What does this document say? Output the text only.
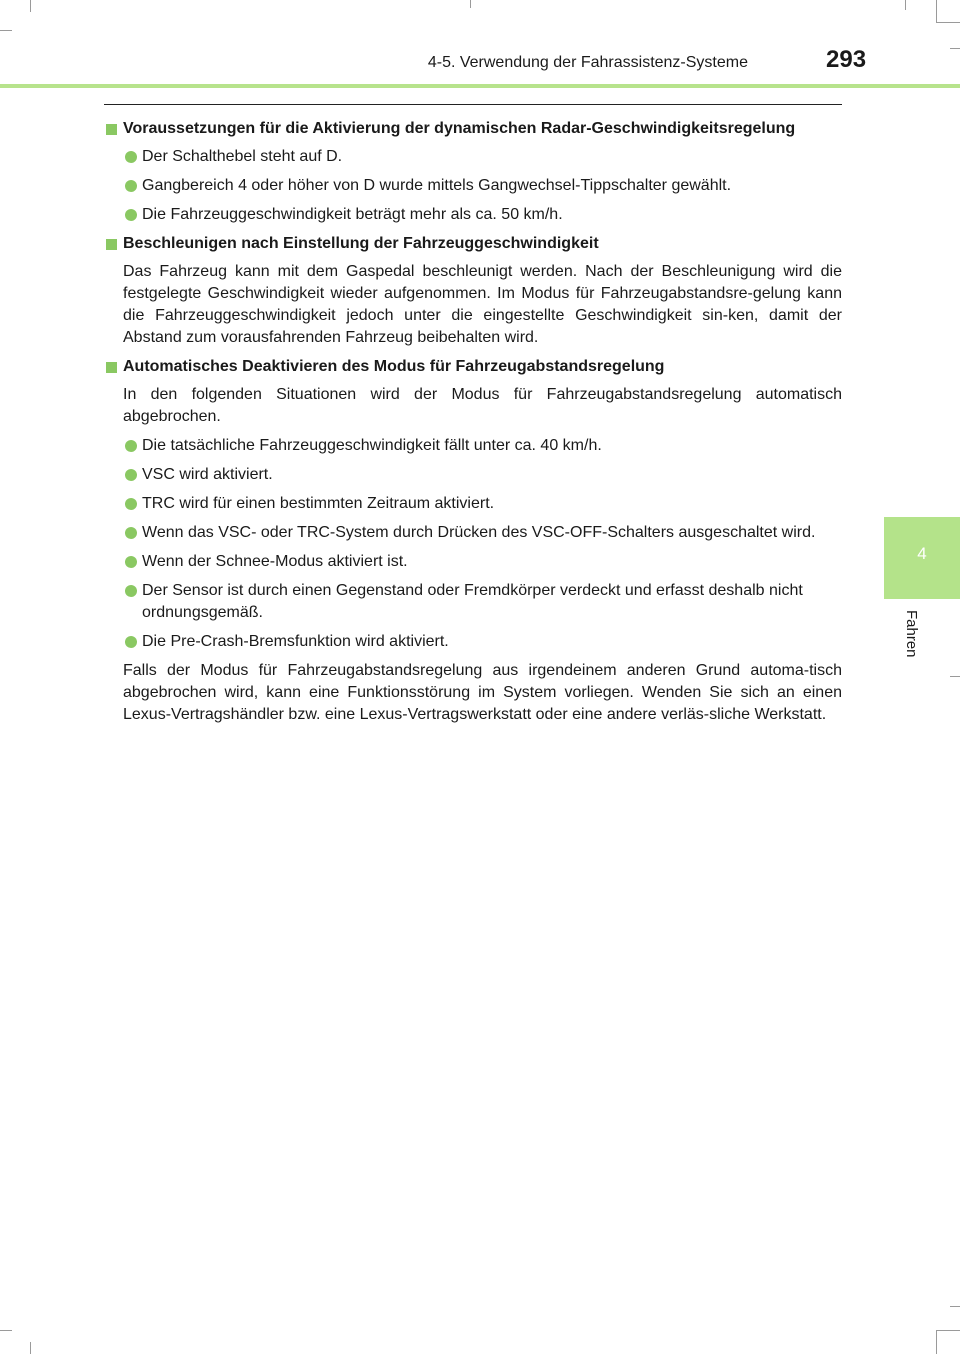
4-5. Verwendung der Fahrassistenz-Systeme	293
4
Fahren
Voraussetzungen für die Aktivierung der dynamischen Radar-Geschwindigkeitsregelung
Der Schalthebel steht auf D.
Gangbereich 4 oder höher von D wurde mittels Gangwechsel-Tippschalter gewählt.
Die Fahrzeuggeschwindigkeit beträgt mehr als ca. 50 km/h.
Beschleunigen nach Einstellung der Fahrzeuggeschwindigkeit
Das Fahrzeug kann mit dem Gaspedal beschleunigt werden. Nach der Beschleunigung wird die festgelegte Geschwindigkeit wieder aufgenommen. Im Modus für Fahrzeugabstandsre-gelung kann die Fahrzeuggeschwindigkeit jedoch unter die eingestellte Geschwindigkeit sin-ken, damit der Abstand zum vorausfahrenden Fahrzeug beibehalten wird.
Automatisches Deaktivieren des Modus für Fahrzeugabstandsregelung
In den folgenden Situationen wird der Modus für Fahrzeugabstandsregelung automatisch abgebrochen.
Die tatsächliche Fahrzeuggeschwindigkeit fällt unter ca. 40 km/h.
VSC wird aktiviert.
TRC wird für einen bestimmten Zeitraum aktiviert.
Wenn das VSC- oder TRC-System durch Drücken des VSC-OFF-Schalters ausgeschaltet wird.
Wenn der Schnee-Modus aktiviert ist.
Der Sensor ist durch einen Gegenstand oder Fremdkörper verdeckt und erfasst deshalb nicht ordnungsgemäß.
Die Pre-Crash-Bremsfunktion wird aktiviert.
Falls der Modus für Fahrzeugabstandsregelung aus irgendeinem anderen Grund automa-tisch abgebrochen wird, kann eine Funktionsstörung im System vorliegen. Wenden Sie sich an einen Lexus-Vertragshändler bzw. eine Lexus-Vertragswerkstatt oder eine andere verläs-sliche Werkstatt.
